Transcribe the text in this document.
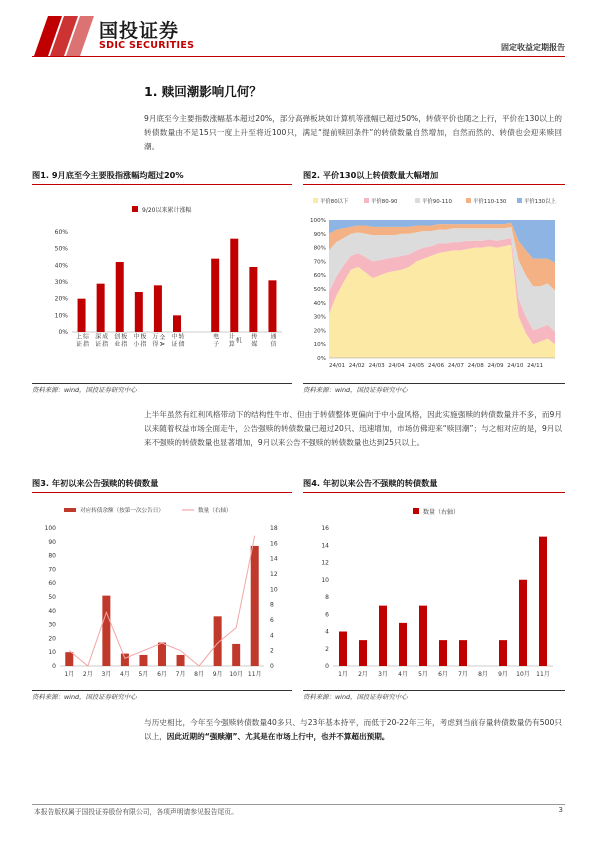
国投证券
SDIC SECURITIES	固定收益定期报告
1. 赎回潮影响几何？
9月底至今主要指数涨幅基本超过20%，部分高弹板块如计算机等涨幅已超过50%，转债平价也随之上行，平价在130以上的转债数量由不足15只一度上升至将近100只，满足“提前赎回条件”的转债数量自然增加，自然而然的、转债也会迎来赎回潮。
图1. 9月底至今主要股指涨幅均超过20%
9/20以来累计涨幅
0%
10%
20%
30%
40%
50%
60%
上 证 综 指 深 证 成 指 创 业 板 指 中 小 板 指 万 得 全 A 中 证 转 债	电 子 计 算 机 传 媒 通 信
资料来源：wind，国投证券研究中心
图2. 平价130以上转债数量大幅增加
平价80以下	平价80-90	平价90-110	平价110-130	平价130以上
0%
10%
20%
30%
40%
50%
60%
70%
80%
90%
100%
24/01 24/02 24/03 24/04 24/05 24/06 24/07 24/08 24/09 24/10 24/11
资料来源：wind，国投证券研究中心
上半年虽然有红利风格带动下的结构性牛市、但由于转债整体更偏向于中小盘风格，因此实施强赎的转债数量并不多，而9月以来随着权益市场全面走牛，公告强赎的转债数量已超过20只、迅速增加，市场仿佛迎来“赎回潮”；与之相对应的是，9月以来不强赎的转债数量也显著增加，9月以来公告不强赎的转债数量也达到25只以上。
图3. 年初以来公告强赎的转债数量
对应转债余额（按第一次公告日）	数量（右轴）
0
10
20
30
40
50
60
70
80
90
100
0
2
4
6
8
10
12
14
16
18
1月 2月 3月 4月 5月 6月 7月 8月 9月 10月 11月
资料来源：wind，国投证券研究中心
图4. 年初以来公告不强赎的转债数量
数量（右轴）
0
2
4
6
8
10
12
14
16
1月 2月 3月 4月 5月 6月 7月 8月 9月 10月 11月
资料来源：wind，国投证券研究中心
与历史相比，今年至今强赎转债数量40多只、与23年基本持平，而低于20-22年三年，考虑到当前存量转债数量仍有500只以上，因此近期的“强赎潮”、尤其是在市场上行中，也并不算超出预期。
本报告版权属于国投证券股份有限公司，各项声明请参见报告尾页。	3
